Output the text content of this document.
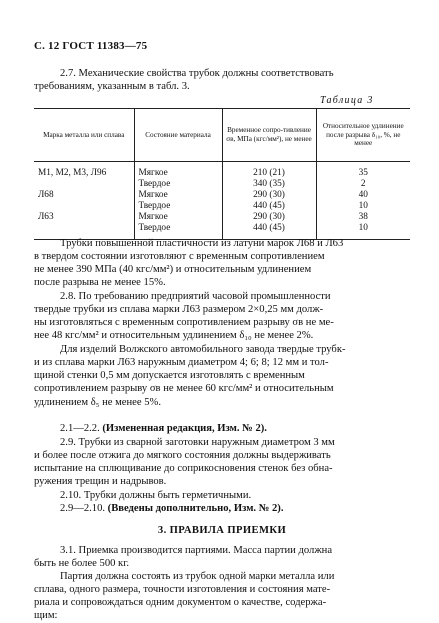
С. 12 ГОСТ 11383—75
2.7. Механические свойства трубок должны соответствовать
требованиям, указанным в табл. 3.
Таблица 3
Марка металла или сплава	Состояние материала	Временное сопро-тивление σв, МПа (кгс/мм²), не менее	Относительное удлинение после разрыва δ₁₀, %, не менее
М1, М2, М3, Л96	Мягкое	210 (21)	35
	Твердое	340 (35)	2
Л68	Мягкое	290 (30)	40
	Твердое	440 (45)	10
Л63	Мягкое	290 (30)	38
	Твердое	440 (45)	10
Трубки повышенной пластичности из латуни марок Л68 и Л63
в твердом состоянии изготовляют с временным сопротивлением
не менее 390 МПа (40 кгс/мм²) и относительным удлинением
после разрыва не менее 15%.
2.8. По требованию предприятий часовой промышленности
твердые трубки из сплава марки Л63 размером 2×0,25 мм долж-
ны изготовляться с временным сопротивлением разрыву σв не ме-
нее 48 кгс/мм² и относительным удлинением δ₁₀ не менее 2%.
Для изделий Волжского автомобильного завода твердые трубк-
и из сплава марки Л63 наружным диаметром 4; 6; 8; 12 мм и тол-
щиной стенки 0,5 мм допускается изготовлять с временным
сопротивлением разрыву σв не менее 60 кгс/мм² и относительным
удлинением δ₅ не менее 5%.
2.1—2.2. (Измененная редакция, Изм. № 2).
2.9. Трубки из сварной заготовки наружным диаметром 3 мм
и более после отжига до мягкого состояния должны выдерживать
испытание на сплющивание до соприкосновения стенок без обна-
ружения трещин и надрывов.
2.10. Трубки должны быть герметичными.
2.9—2.10. (Введены дополнительно, Изм. № 2).
3. ПРАВИЛА ПРИЕМКИ
3.1. Приемка производится партиями. Масса партии должна
быть не более 500 кг.
Партия должна состоять из трубок одной марки металла или
сплава, одного размера, точности изготовления и состояния мате-
риала и сопровождаться одним документом о качестве, содержа-
щим:
